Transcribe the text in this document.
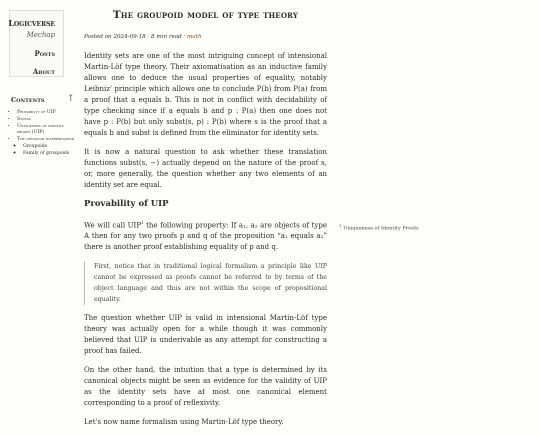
Logicverse
Mechap
Posts
About
Contents ↑
• Provability of UIP
• Syntax
• Uniqueness of identity proofs (UIP)
• The groupoid interpretation
◦ Groupoids
◦ Family of groupoids
The groupoid model of type theory
Posted on 2024-09-18 · 8 min read · math

Identity sets are one of the most intriguing concept of intensional Martin-Löf type theory. Their axiomatisation as an inductive family allows one to deduce the usual properties of equality, notably Leibniz' principle which allows one to conclude P(b) from P(a) from a proof that a equals b. This is not in conflict with decidability of type checking since if a equals b and p : P(a) then one does not have p : P(b) but only subst(s, p) : P(b) where s is the proof that a equals b and subst is defined from the eliminator for identity sets.

It is now a natural question to ask whether these translation functions subst(s, −) actually depend on the nature of the proof s, or, more generally, the question whether any two elements of an identity set are equal.

Provability of UIP

We will call UIP$^1$ the following property: If a₁, a₂ are objects of type A then for any two proofs p and q of the proposition “a₁ equals a₂” there is another proof establishing equality of p and q.

First, notice that in traditional logical formalism a principle like UIP cannot be expressed as proofs cannot be referred to by terms of the object language and thus are not within the scope of propositional equality.

The question whether UIP is valid in intensional Martin-Löf type theory was actually open for a while though it was commonly believed that UIP is underivable as any attempt for constructing a proof has failed.

On the other hand, the intuition that a type is determined by its canonical objects might be seen as evidence for the validity of UIP as the identity sets have at most one canonical element corresponding to a proof of reflexivity.

Let's now name formalism using Martin-Löf type theory.

$^1$ Uniqueness of Identity Proofs
